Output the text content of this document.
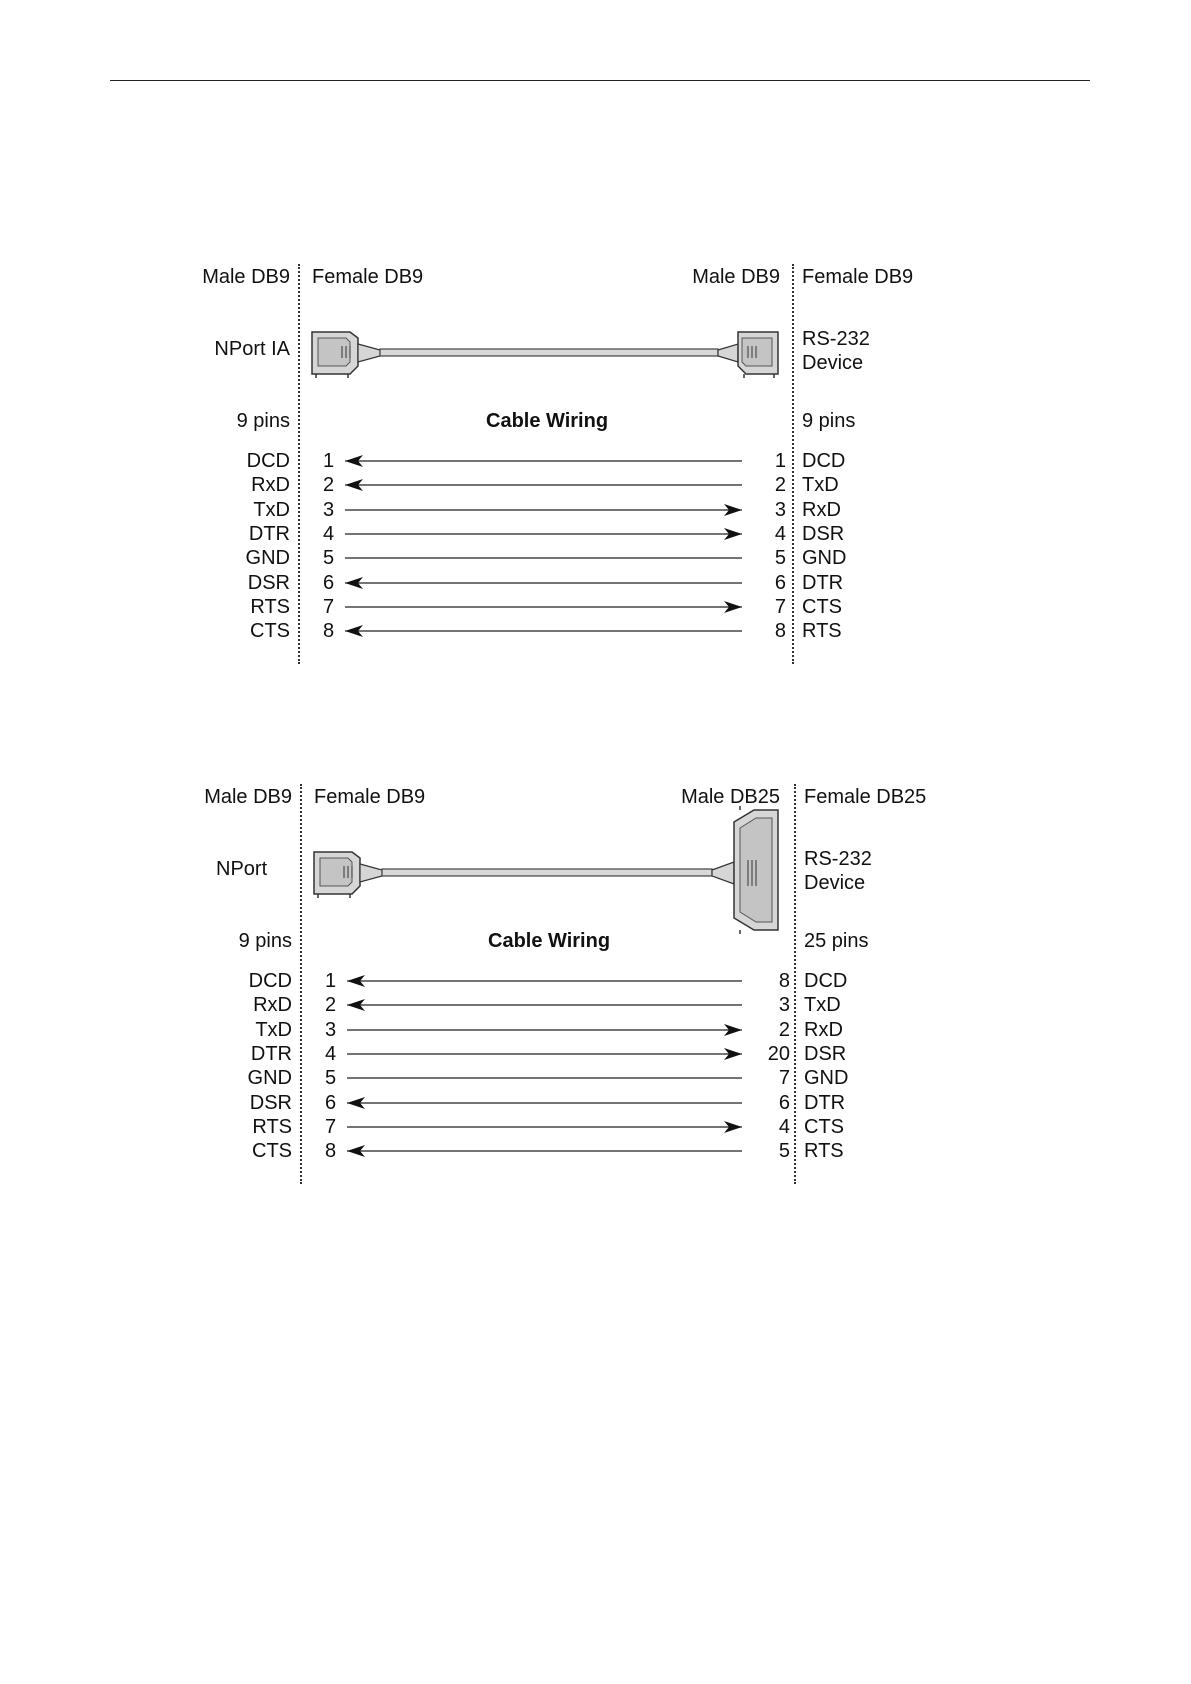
Male DB9 Female DB9	Male DB9 Female DB9
NPort IA	RS-232
Device
9 pins	Cable Wiring	9 pins
DCD 1	1 DCD
RxD 2	2 TxD
TxD 3	3 RxD
DTR 4	4 DSR
GND 5	5 GND
DSR 6	6 DTR
RTS 7	7 CTS
CTS 8	8 RTS
Male DB9 Female DB9	Male DB25 Female DB25
NPort	RS-232
Device
9 pins	Cable Wiring	25 pins
DCD 1	8 DCD
RxD 2	3 TxD
TxD 3	2 RxD
DTR 4	20 DSR
GND 5	7 GND
DSR 6	6 DTR
RTS 7	4 CTS
CTS 8	5 RTS
